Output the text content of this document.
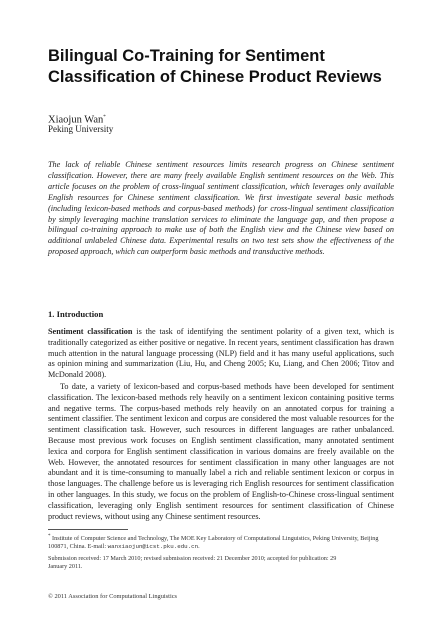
Bilingual Co-Training for Sentiment Classification of Chinese Product Reviews
Xiaojun Wan*
Peking University

The lack of reliable Chinese sentiment resources limits research progress on Chinese sentiment classification. However, there are many freely available English sentiment resources on the Web. This article focuses on the problem of cross-lingual sentiment classification, which leverages only available English resources for Chinese sentiment classification. We first investigate several basic methods (including lexicon-based methods and corpus-based methods) for cross-lingual sentiment classification by simply leveraging machine translation services to eliminate the language gap, and then propose a bilingual co-training approach to make use of both the English view and the Chinese view based on additional unlabeled Chinese data. Experimental results on two test sets show the effectiveness of the proposed approach, which can outperform basic methods and transductive methods.

1. Introduction

Sentiment classification is the task of identifying the sentiment polarity of a given text, which is traditionally categorized as either positive or negative. In recent years, sentiment classification has drawn much attention in the natural language processing (NLP) field and it has many useful applications, such as opinion mining and summarization (Liu, Hu, and Cheng 2005; Ku, Liang, and Chen 2006; Titov and McDonald 2008).

To date, a variety of lexicon-based and corpus-based methods have been developed for sentiment classification. The lexicon-based methods rely heavily on a sentiment lexicon containing positive terms and negative terms. The corpus-based methods rely heavily on an annotated corpus for training a sentiment classifier. The sentiment lexicon and corpus are considered the most valuable resources for the sentiment classification task. However, such resources in different languages are rather unbalanced. Because most previous work focuses on English sentiment classification, many annotated sentiment lexica and corpora for English sentiment classification in various domains are freely available on the Web. However, the annotated resources for sentiment classification in many other languages are not abundant and it is time-consuming to manually label a rich and reliable sentiment lexicon or corpus in those languages. The challenge before us is leveraging rich English resources for sentiment classification in other languages. In this study, we focus on the problem of English-to-Chinese cross-lingual sentiment classification, leveraging only English sentiment resources for sentiment classification of Chinese product reviews, without using any Chinese sentiment resources.

* Institute of Computer Science and Technology, The MOE Key Laboratory of Computational Linguistics, Peking University, Beijing 100871, China. E-mail: wanxiaojun@icst.pku.edu.cn.

Submission received: 17 March 2010; revised submission received: 21 December 2010; accepted for publication: 29 January 2011.

© 2011 Association for Computational Linguistics
